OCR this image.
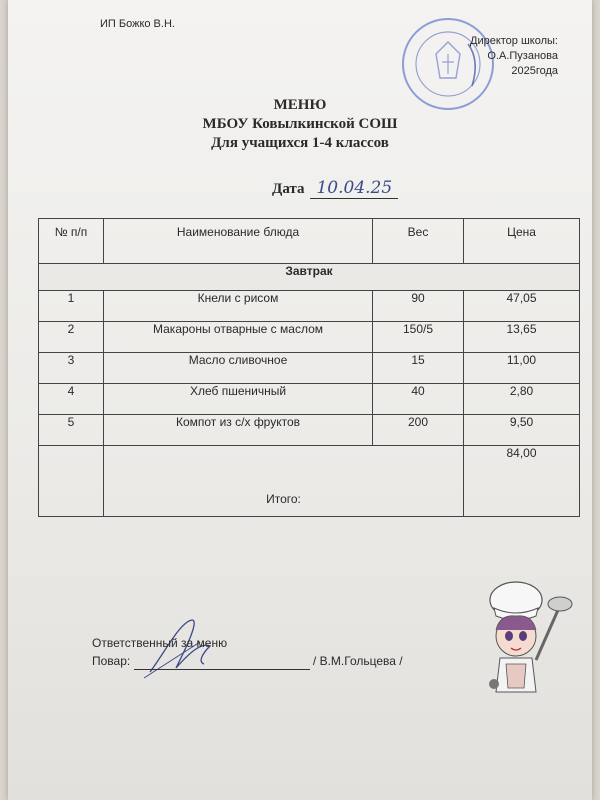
ИП Божко В.Н.
Директор школы:
О.А.Пузанова
2025года
МЕНЮ
МБОУ Ковылкинской СОШ
Для учащихся 1-4 классов
Дата 10.04.25
№ п/п	Наименование блюда	Вес	Цена
Завтрак			
1	Кнели с рисом	90	47,05
2	Макароны отварные с маслом	150/5	13,65
3	Масло сливочное	15	11,00
4	Хлеб пшеничный	40	2,80
5	Компот из с/х фруктов	200	9,50
	Итого:		84,00
Ответственный за меню
Повар:	/ В.М.Гольцева /
